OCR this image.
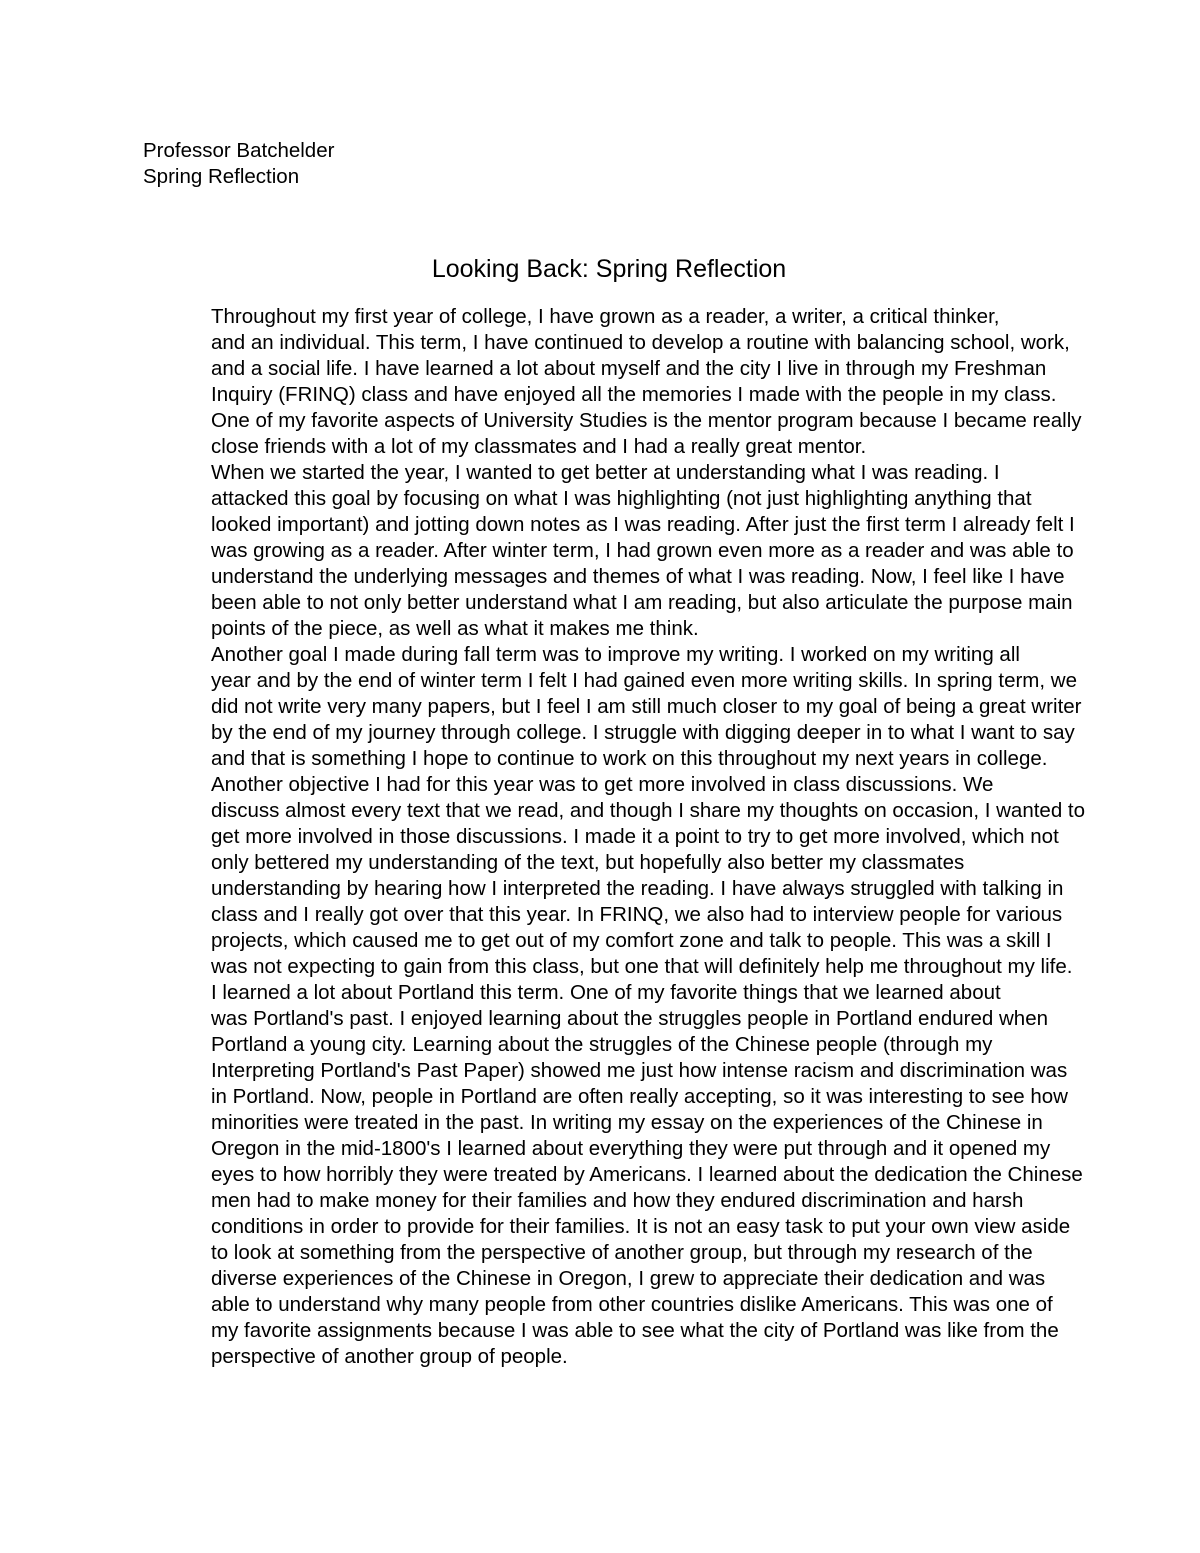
Professor Batchelder

Spring Reflection

Looking Back: Spring Reflection

Throughout my first year of college, I have grown as a reader, a writer, a critical thinker,
and an individual. This term, I have continued to develop a routine with balancing school, work,
and a social life. I have learned a lot about myself and the city I live in through my Freshman
Inquiry (FRINQ) class and have enjoyed all the memories I made with the people in my class.
One of my favorite aspects of University Studies is the mentor program because I became really
close friends with a lot of my classmates and I had a really great mentor.

When we started the year, I wanted to get better at understanding what I was reading. I
attacked this goal by focusing on what I was highlighting (not just highlighting anything that
looked important) and jotting down notes as I was reading. After just the first term I already felt I
was growing as a reader. After winter term, I had grown even more as a reader and was able to
understand the underlying messages and themes of what I was reading. Now, I feel like I have
been able to not only better understand what I am reading, but also articulate the purpose main
points of the piece, as well as what it makes me think.

Another goal I made during fall term was to improve my writing. I worked on my writing all
year and by the end of winter term I felt I had gained even more writing skills. In spring term, we
did not write very many papers, but I feel I am still much closer to my goal of being a great writer
by the end of my journey through college. I struggle with digging deeper in to what I want to say
and that is something I hope to continue to work on this throughout my next years in college.

Another objective I had for this year was to get more involved in class discussions. We
discuss almost every text that we read, and though I share my thoughts on occasion, I wanted to
get more involved in those discussions. I made it a point to try to get more involved, which not
only bettered my understanding of the text, but hopefully also better my classmates
understanding by hearing how I interpreted the reading. I have always struggled with talking in
class and I really got over that this year. In FRINQ, we also had to interview people for various
projects, which caused me to get out of my comfort zone and talk to people. This was a skill I
was not expecting to gain from this class, but one that will definitely help me throughout my life.

I learned a lot about Portland this term. One of my favorite things that we learned about
was Portland's past. I enjoyed learning about the struggles people in Portland endured when
Portland a young city. Learning about the struggles of the Chinese people (through my
Interpreting Portland's Past Paper) showed me just how intense racism and discrimination was
in Portland. Now, people in Portland are often really accepting, so it was interesting to see how
minorities were treated in the past. In writing my essay on the experiences of the Chinese in
Oregon in the mid-1800's I learned about everything they were put through and it opened my
eyes to how horribly they were treated by Americans. I learned about the dedication the Chinese
men had to make money for their families and how they endured discrimination and harsh
conditions in order to provide for their families. It is not an easy task to put your own view aside
to look at something from the perspective of another group, but through my research of the
diverse experiences of the Chinese in Oregon, I grew to appreciate their dedication and was
able to understand why many people from other countries dislike Americans. This was one of
my favorite assignments because I was able to see what the city of Portland was like from the
perspective of another group of people.
